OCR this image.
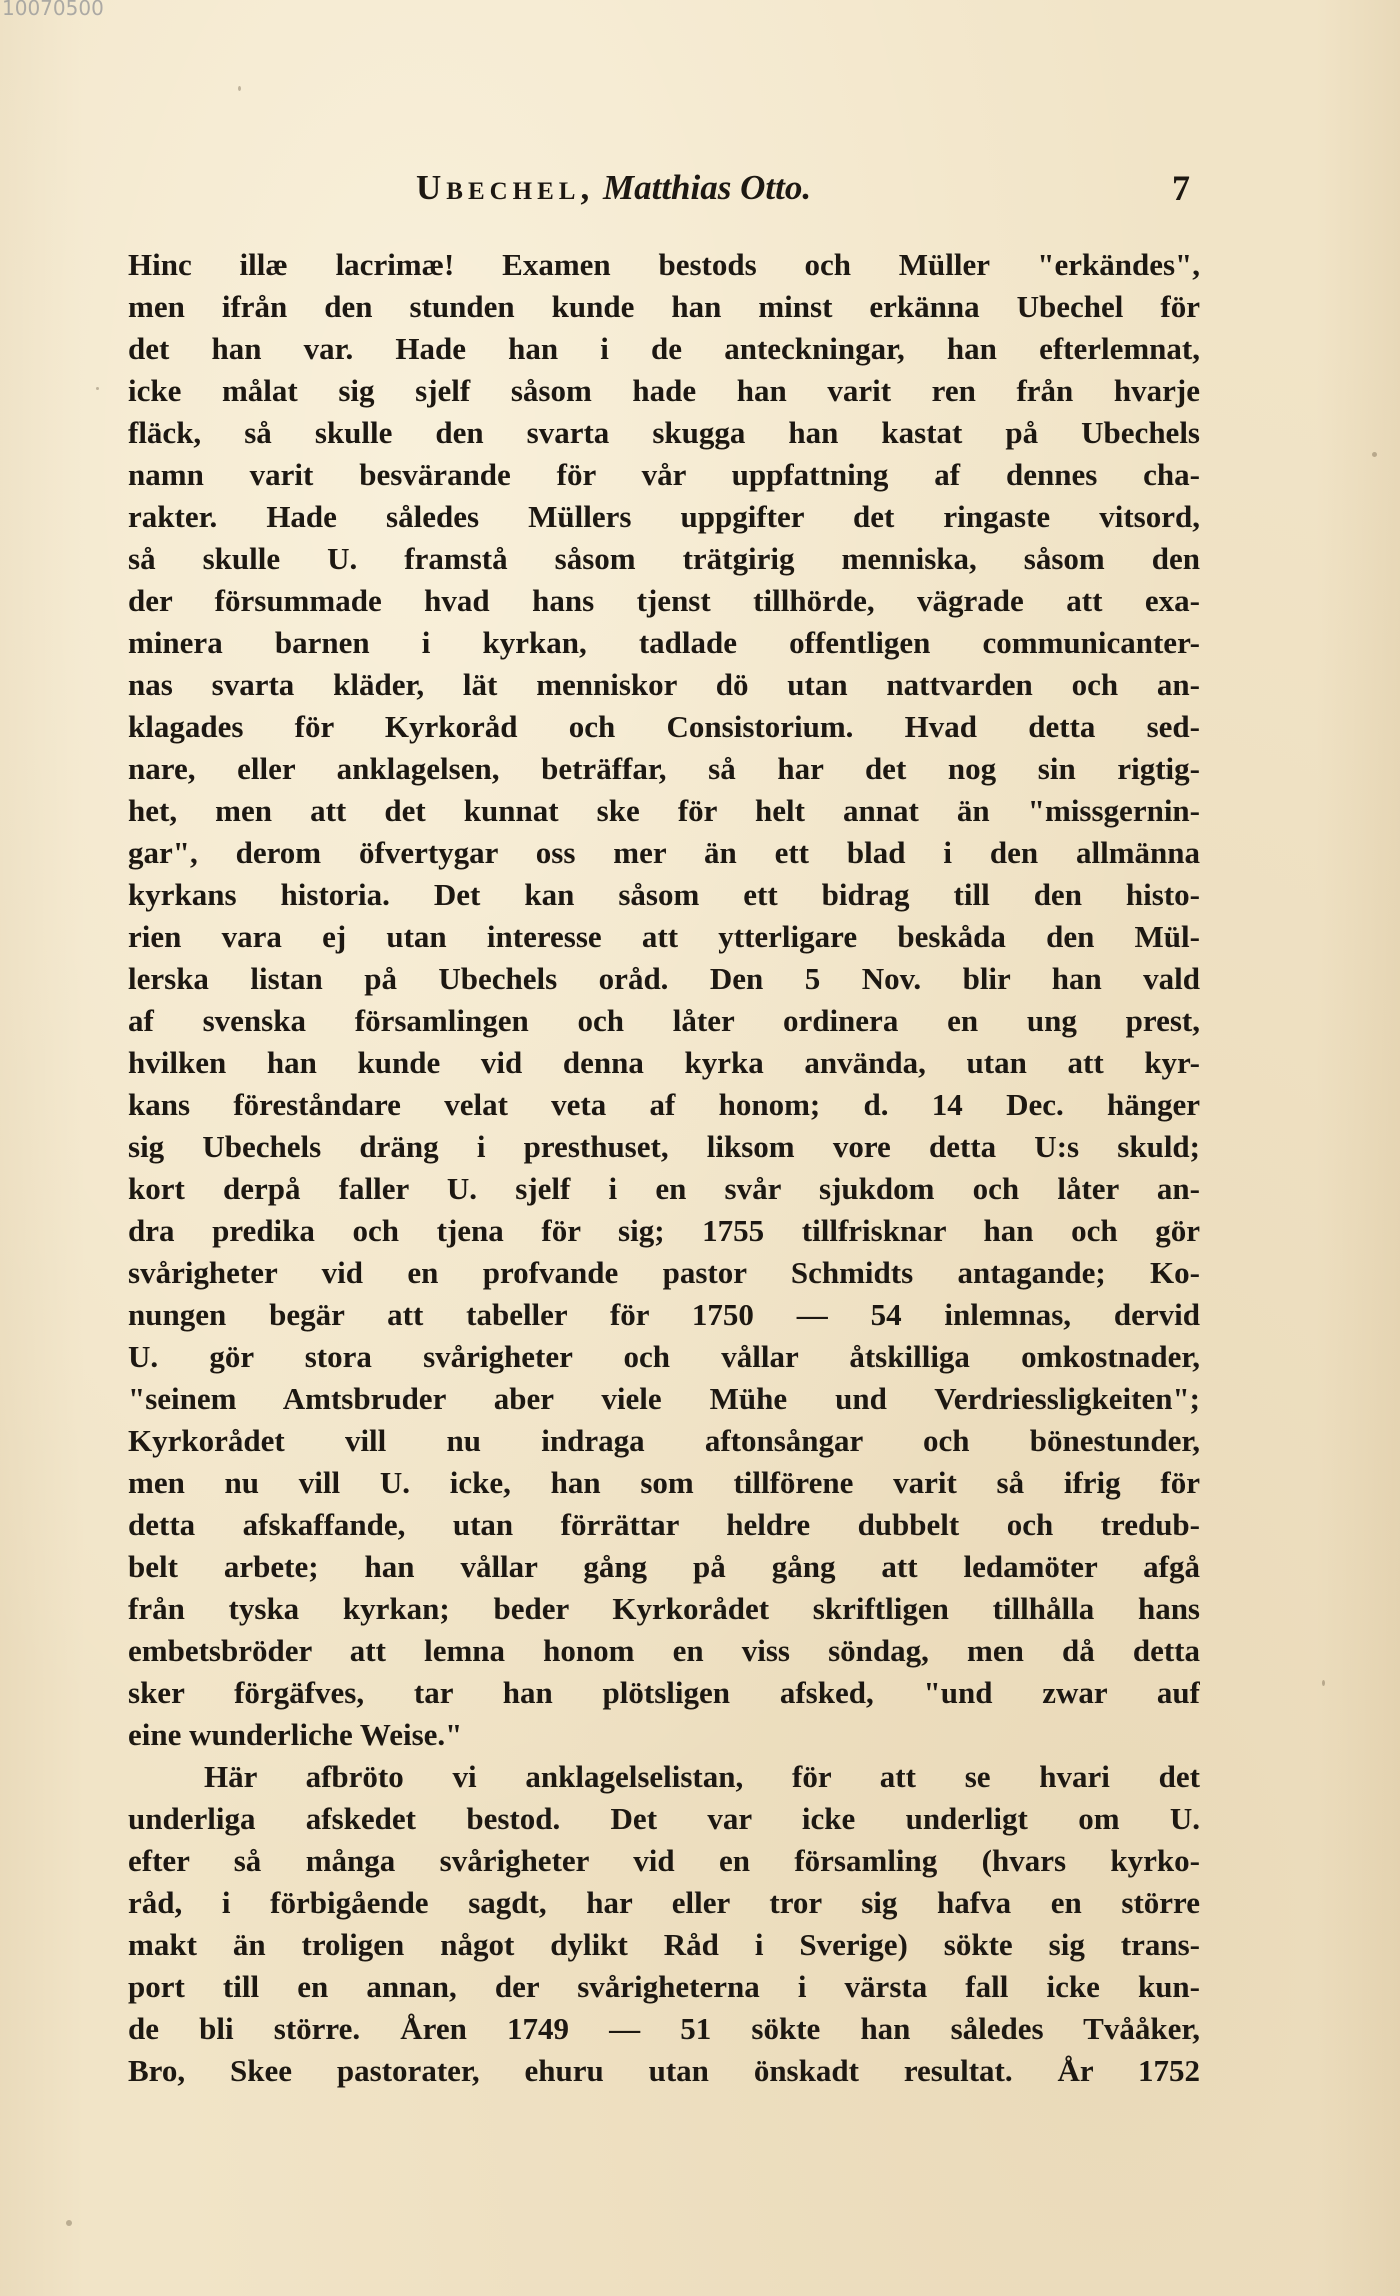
10070500
Ubechel, Matthias Otto.	7
Hinc illæ lacrimæ! Examen bestods och Müller "erkändes",
men ifrån den stunden kunde han minst erkänna Ubechel för
det han var. Hade han i de anteckningar, han efterlemnat,
icke målat sig sjelf såsom hade han varit ren från hvarje
fläck, så skulle den svarta skugga han kastat på Ubechels
namn varit besvärande för vår uppfattning af dennes cha-
rakter. Hade således Müllers uppgifter det ringaste vitsord,
så skulle U. framstå såsom trätgirig menniska, såsom den
der försummade hvad hans tjenst tillhörde, vägrade att exa-
minera barnen i kyrkan, tadlade offentligen communicanter-
nas svarta kläder, lät menniskor dö utan nattvarden och an-
klagades för Kyrkoråd och Consistorium. Hvad detta sed-
nare, eller anklagelsen, beträffar, så har det nog sin rigtig-
het, men att det kunnat ske för helt annat än "missgernin-
gar", derom öfvertygar oss mer än ett blad i den allmänna
kyrkans historia. Det kan såsom ett bidrag till den histo-
rien vara ej utan interesse att ytterligare beskåda den Mül-
lerska listan på Ubechels oråd. Den 5 Nov. blir han vald
af svenska församlingen och låter ordinera en ung prest,
hvilken han kunde vid denna kyrka använda, utan att kyr-
kans föreståndare velat veta af honom; d. 14 Dec. hänger
sig Ubechels dräng i presthuset, liksom vore detta U:s skuld;
kort derpå faller U. sjelf i en svår sjukdom och låter an-
dra predika och tjena för sig; 1755 tillfrisknar han och gör
svårigheter vid en profvande pastor Schmidts antagande; Ko-
nungen begär att tabeller för 1750 — 54 inlemnas, dervid
U. gör stora svårigheter och vållar åtskilliga omkostnader,
"seinem Amtsbruder aber viele Mühe und Verdriessligkeiten";
Kyrkorådet vill nu indraga aftonsångar och bönestunder,
men nu vill U. icke, han som tillförene varit så ifrig för
detta afskaffande, utan förrättar heldre dubbelt och tredub-
belt arbete; han vållar gång på gång att ledamöter afgå
från tyska kyrkan; beder Kyrkorådet skriftligen tillhålla hans
embetsbröder att lemna honom en viss söndag, men då detta
sker förgäfves, tar han plötsligen afsked, "und zwar auf
eine wunderliche Weise."
Här afbröto vi anklagelselistan, för att se hvari det
underliga afskedet bestod. Det var icke underligt om U.
efter så många svårigheter vid en församling (hvars kyrko-
råd, i förbigående sagdt, har eller tror sig hafva en större
makt än troligen något dylikt Råd i Sverige) sökte sig trans-
port till en annan, der svårigheterna i värsta fall icke kun-
de bli större. Åren 1749 — 51 sökte han således Tvååker,
Bro, Skee pastorater, ehuru utan önskadt resultat. År 1752
